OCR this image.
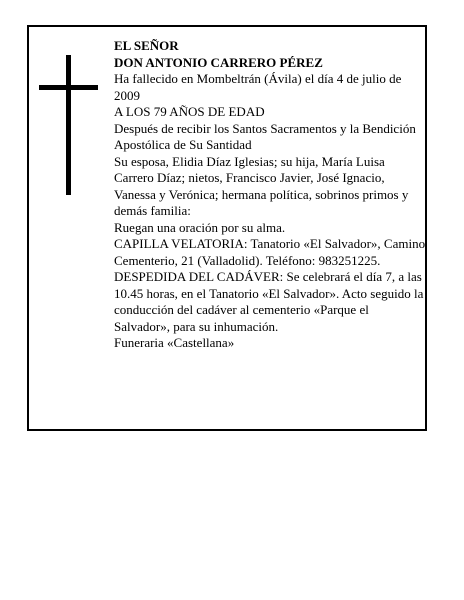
EL SEÑOR

DON ANTONIO CARRERO PÉREZ

Ha fallecido en Mombeltrán (Ávila) el día 4 de julio de 2009

A LOS 79 AÑOS DE EDAD

Después de recibir los Santos Sacramentos y la Bendición Apostólica de Su Santidad

Su esposa, Elidia Díaz Iglesias; su hija, María Luisa Carrero Díaz; nietos, Francisco Javier, José Ignacio, Vanessa y Verónica; hermana política, sobrinos primos y demás familia:

Ruegan una oración por su alma.

CAPILLA VELATORIA: Tanatorio «El Salvador», Camino Cementerio, 21 (Valladolid). Teléfono: 983251225.

DESPEDIDA DEL CADÁVER: Se celebrará el día 7, a las 10.45 horas, en el Tanatorio «El Salvador». Acto seguido la conducción del cadáver al cementerio «Parque el Salvador», para su inhumación.

Funeraria «Castellana»
